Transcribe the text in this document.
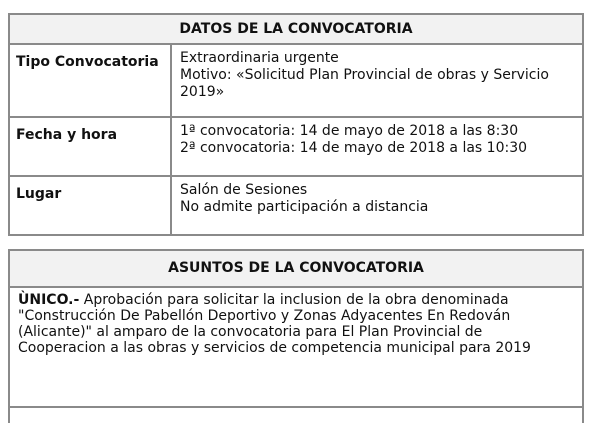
DATOS DE LA CONVOCATORIA	
Tipo Convocatoria	Extraordinaria urgente
Motivo: «Solicitud Plan Provincial de obras y Servicio 2019»

Fecha y hora	1ª convocatoria: 14 de mayo de 2018 a las 8:30
2ª convocatoria: 14 de mayo de 2018 a las 10:30

Lugar	Salón de Sesiones
No admite participación a distancia
ASUNTOS DE LA CONVOCATORIA
ÙNICO.- Aprobación para solicitar la inclusion de la obra denominada "Construcción De Pabellón Deportivo y Zonas Adyacentes En Redován (Alicante)" al amparo de la convocatoria para El Plan Provincial de Cooperacion a las obras y servicios de competencia municipal para 2019
